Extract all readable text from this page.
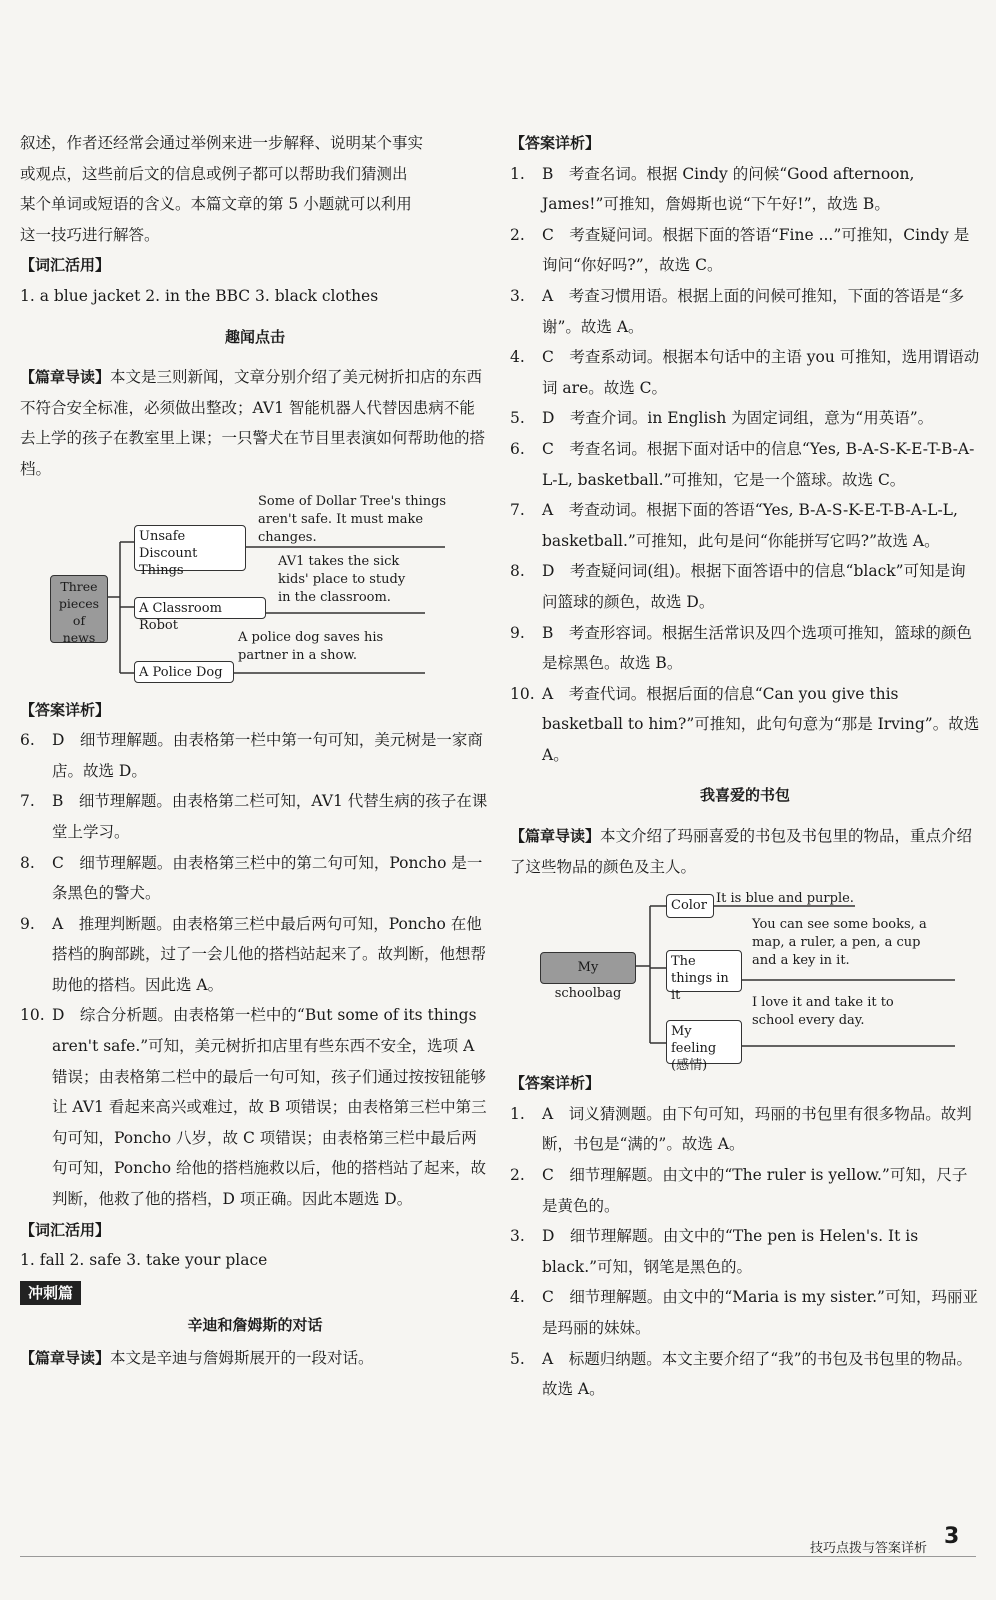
叙述，作者还经常会通过举例来进一步解释、说明某个事实

或观点，这些前后文的信息或例子都可以帮助我们猜测出

某个单词或短语的含义。本篇文章的第 5 小题就可以利用

这一技巧进行解答。

【词汇活用】

1. a blue jacket 2. in the BBC 3. black clothes

趣闻点击

【篇章导读】本文是三则新闻，文章分别介绍了美元树折扣店的东西不符合安全标准，必须做出整改；AV1 智能机器人代替因患病不能去上学的孩子在教室里上课；一只警犬在节目里表演如何帮助他的搭档。

Three pieces of news
Unsafe Discount Things
A Classroom Robot
A Police Dog
Some of Dollar Tree's things aren't safe. It must make changes.
AV1 takes the sick kids' place to study in the classroom.
A police dog saves his partner in a show.

【答案详析】

6.	D　细节理解题。由表格第一栏中第一句可知，美元树是一家商店。故选 D。
7.	B　细节理解题。由表格第二栏可知，AV1 代替生病的孩子在课堂上学习。
8.	C　细节理解题。由表格第三栏中的第二句可知，Poncho 是一条黑色的警犬。
9.	A　推理判断题。由表格第三栏中最后两句可知，Poncho 在他搭档的胸部跳，过了一会儿他的搭档站起来了。故判断，他想帮助他的搭档。因此选 A。
10. D　综合分析题。由表格第一栏中的“But some of its things aren't safe.”可知，美元树折扣店里有些东西不安全，选项 A 错误；由表格第二栏中的最后一句可知，孩子们通过按按钮能够让 AV1 看起来高兴或难过，故 B 项错误；由表格第三栏中第三句可知，Poncho 八岁，故 C 项错误；由表格第三栏中最后两句可知，Poncho 给他的搭档施救以后，他的搭档站了起来，故判断，他救了他的搭档，D 项正确。因此本题选 D。

【词汇活用】

1. fall 2. safe 3. take your place

冲刺篇

辛迪和詹姆斯的对话

【篇章导读】本文是辛迪与詹姆斯展开的一段对话。

【答案详析】

1.	B　考查名词。根据 Cindy 的问候“Good afternoon, James!”可推知，詹姆斯也说“下午好!”，故选 B。
2.	C　考查疑问词。根据下面的答语“Fine ...”可推知，Cindy 是询问“你好吗?”，故选 C。
3.	A　考查习惯用语。根据上面的问候可推知，下面的答语是“多谢”。故选 A。
4.	C　考查系动词。根据本句话中的主语 you 可推知，选用谓语动词 are。故选 C。
5.	D　考查介词。in English 为固定词组，意为“用英语”。
6.	C　考查名词。根据下面对话中的信息“Yes, B-A-S-K-E-T-B-A-L-L, basketball.”可推知，它是一个篮球。故选 C。
7.	A　考查动词。根据下面的答语“Yes, B-A-S-K-E-T-B-A-L-L, basketball.”可推知，此句是问“你能拼写它吗?”故选 A。
8.	D　考查疑问词(组)。根据下面答语中的信息“black”可知是询问篮球的颜色，故选 D。
9.	B　考查形容词。根据生活常识及四个选项可推知，篮球的颜色是棕黑色。故选 B。
10. A　考查代词。根据后面的信息“Can you give this basketball to him?”可推知，此句句意为“那是 Irving”。故选 A。

我喜爱的书包

【篇章导读】本文介绍了玛丽喜爱的书包及书包里的物品，重点介绍了这些物品的颜色及主人。

My schoolbag
Color
The things in it
My feeling (感情)
It is blue and purple.
You can see some books, a map, a ruler, a pen, a cup and a key in it.
I love it and take it to school every day.

【答案详析】

1.	A　词义猜测题。由下句可知，玛丽的书包里有很多物品。故判断，书包是“满的”。故选 A。
2.	C　细节理解题。由文中的“The ruler is yellow.”可知，尺子是黄色的。
3.	D　细节理解题。由文中的“The pen is Helen's. It is black.”可知，钢笔是黑色的。
4.	C　细节理解题。由文中的“Maria is my sister.”可知，玛丽亚是玛丽的妹妹。
5.	A　标题归纳题。本文主要介绍了“我”的书包及书包里的物品。故选 A。
技巧点拨与答案详析 3
